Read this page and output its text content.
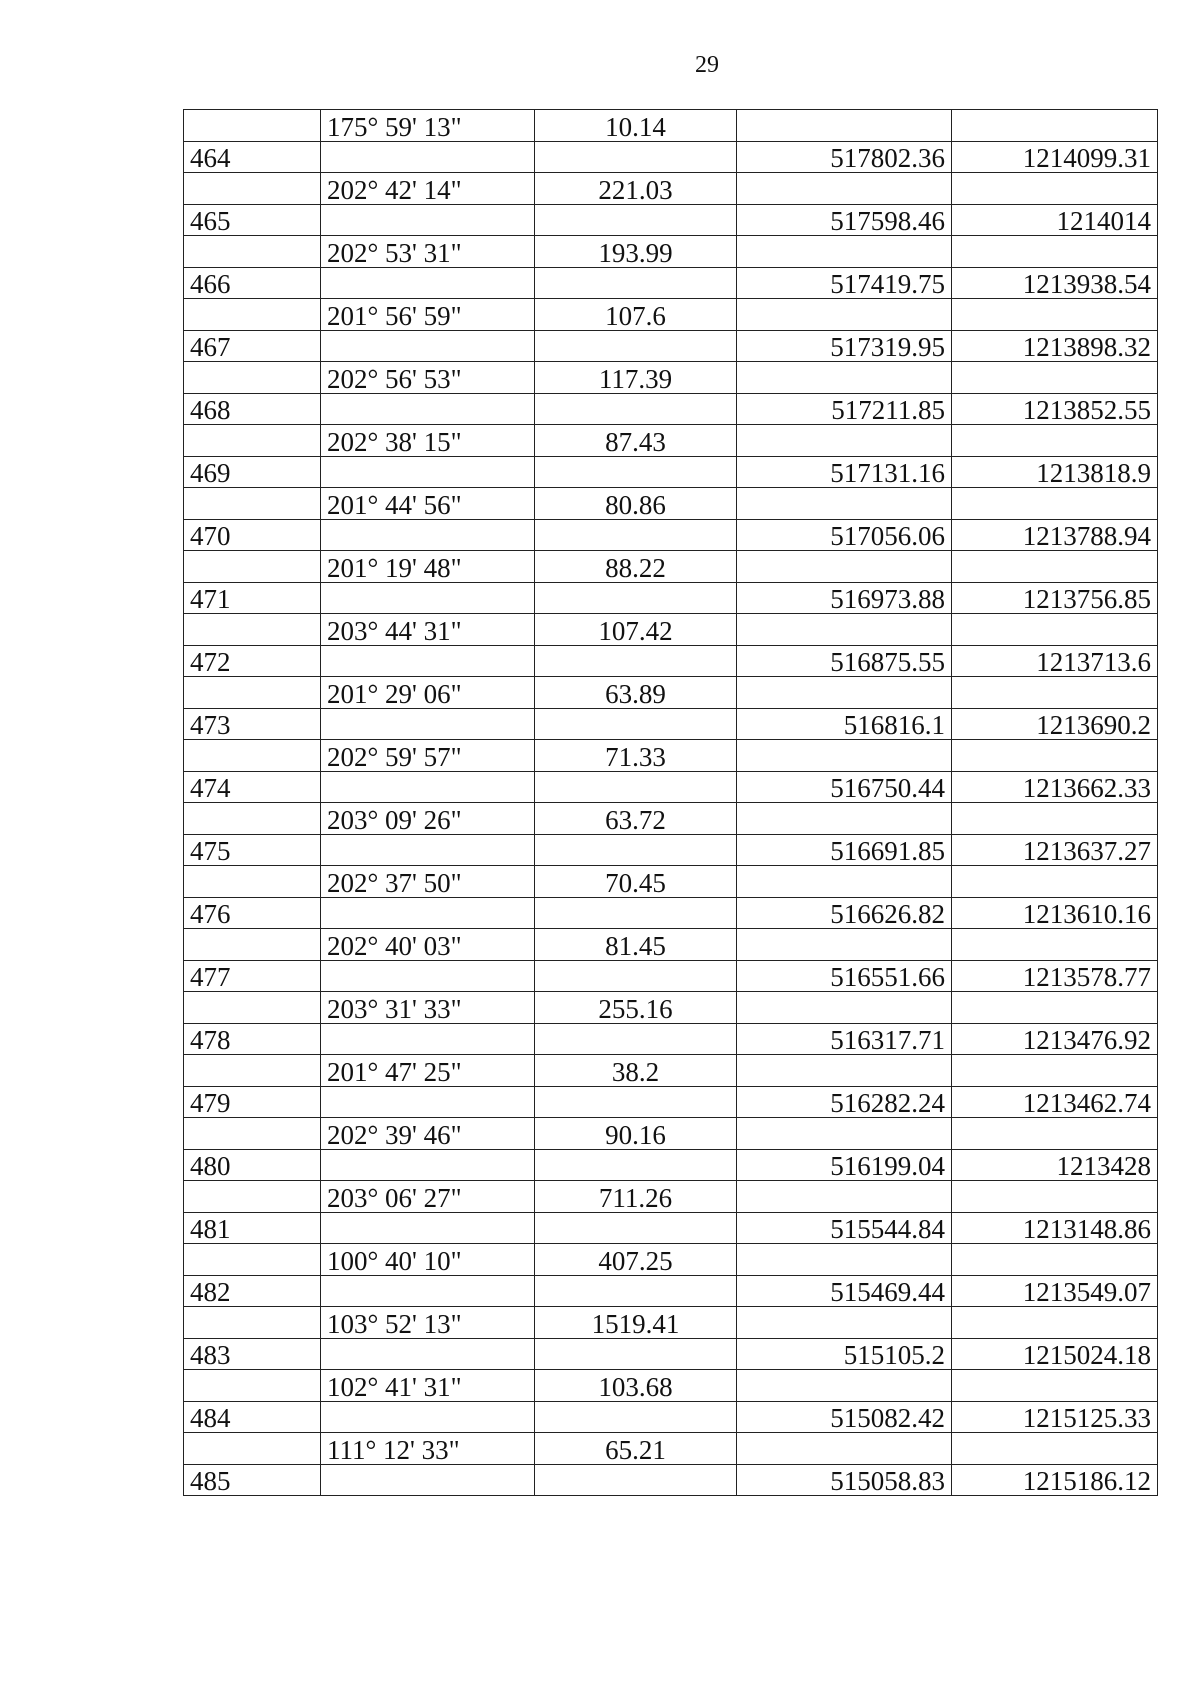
29
	175° 59' 13"	10.14		
464			517802.36	1214099.31
	202° 42' 14"	221.03		
465			517598.46	1214014
	202° 53' 31"	193.99		
466			517419.75	1213938.54
	201° 56' 59"	107.6		
467			517319.95	1213898.32
	202° 56' 53"	117.39		
468			517211.85	1213852.55
	202° 38' 15"	87.43		
469			517131.16	1213818.9
	201° 44' 56"	80.86		
470			517056.06	1213788.94
	201° 19' 48"	88.22		
471			516973.88	1213756.85
	203° 44' 31"	107.42		
472			516875.55	1213713.6
	201° 29' 06"	63.89		
473			516816.1	1213690.2
	202° 59' 57"	71.33		
474			516750.44	1213662.33
	203° 09' 26"	63.72		
475			516691.85	1213637.27
	202° 37' 50"	70.45		
476			516626.82	1213610.16
	202° 40' 03"	81.45		
477			516551.66	1213578.77
	203° 31' 33"	255.16		
478			516317.71	1213476.92
	201° 47' 25"	38.2		
479			516282.24	1213462.74
	202° 39' 46"	90.16		
480			516199.04	1213428
	203° 06' 27"	711.26		
481			515544.84	1213148.86
	100° 40' 10"	407.25		
482			515469.44	1213549.07
	103° 52' 13"	1519.41		
483			515105.2	1215024.18
	102° 41' 31"	103.68		
484			515082.42	1215125.33
	111° 12' 33"	65.21		
485			515058.83	1215186.12
